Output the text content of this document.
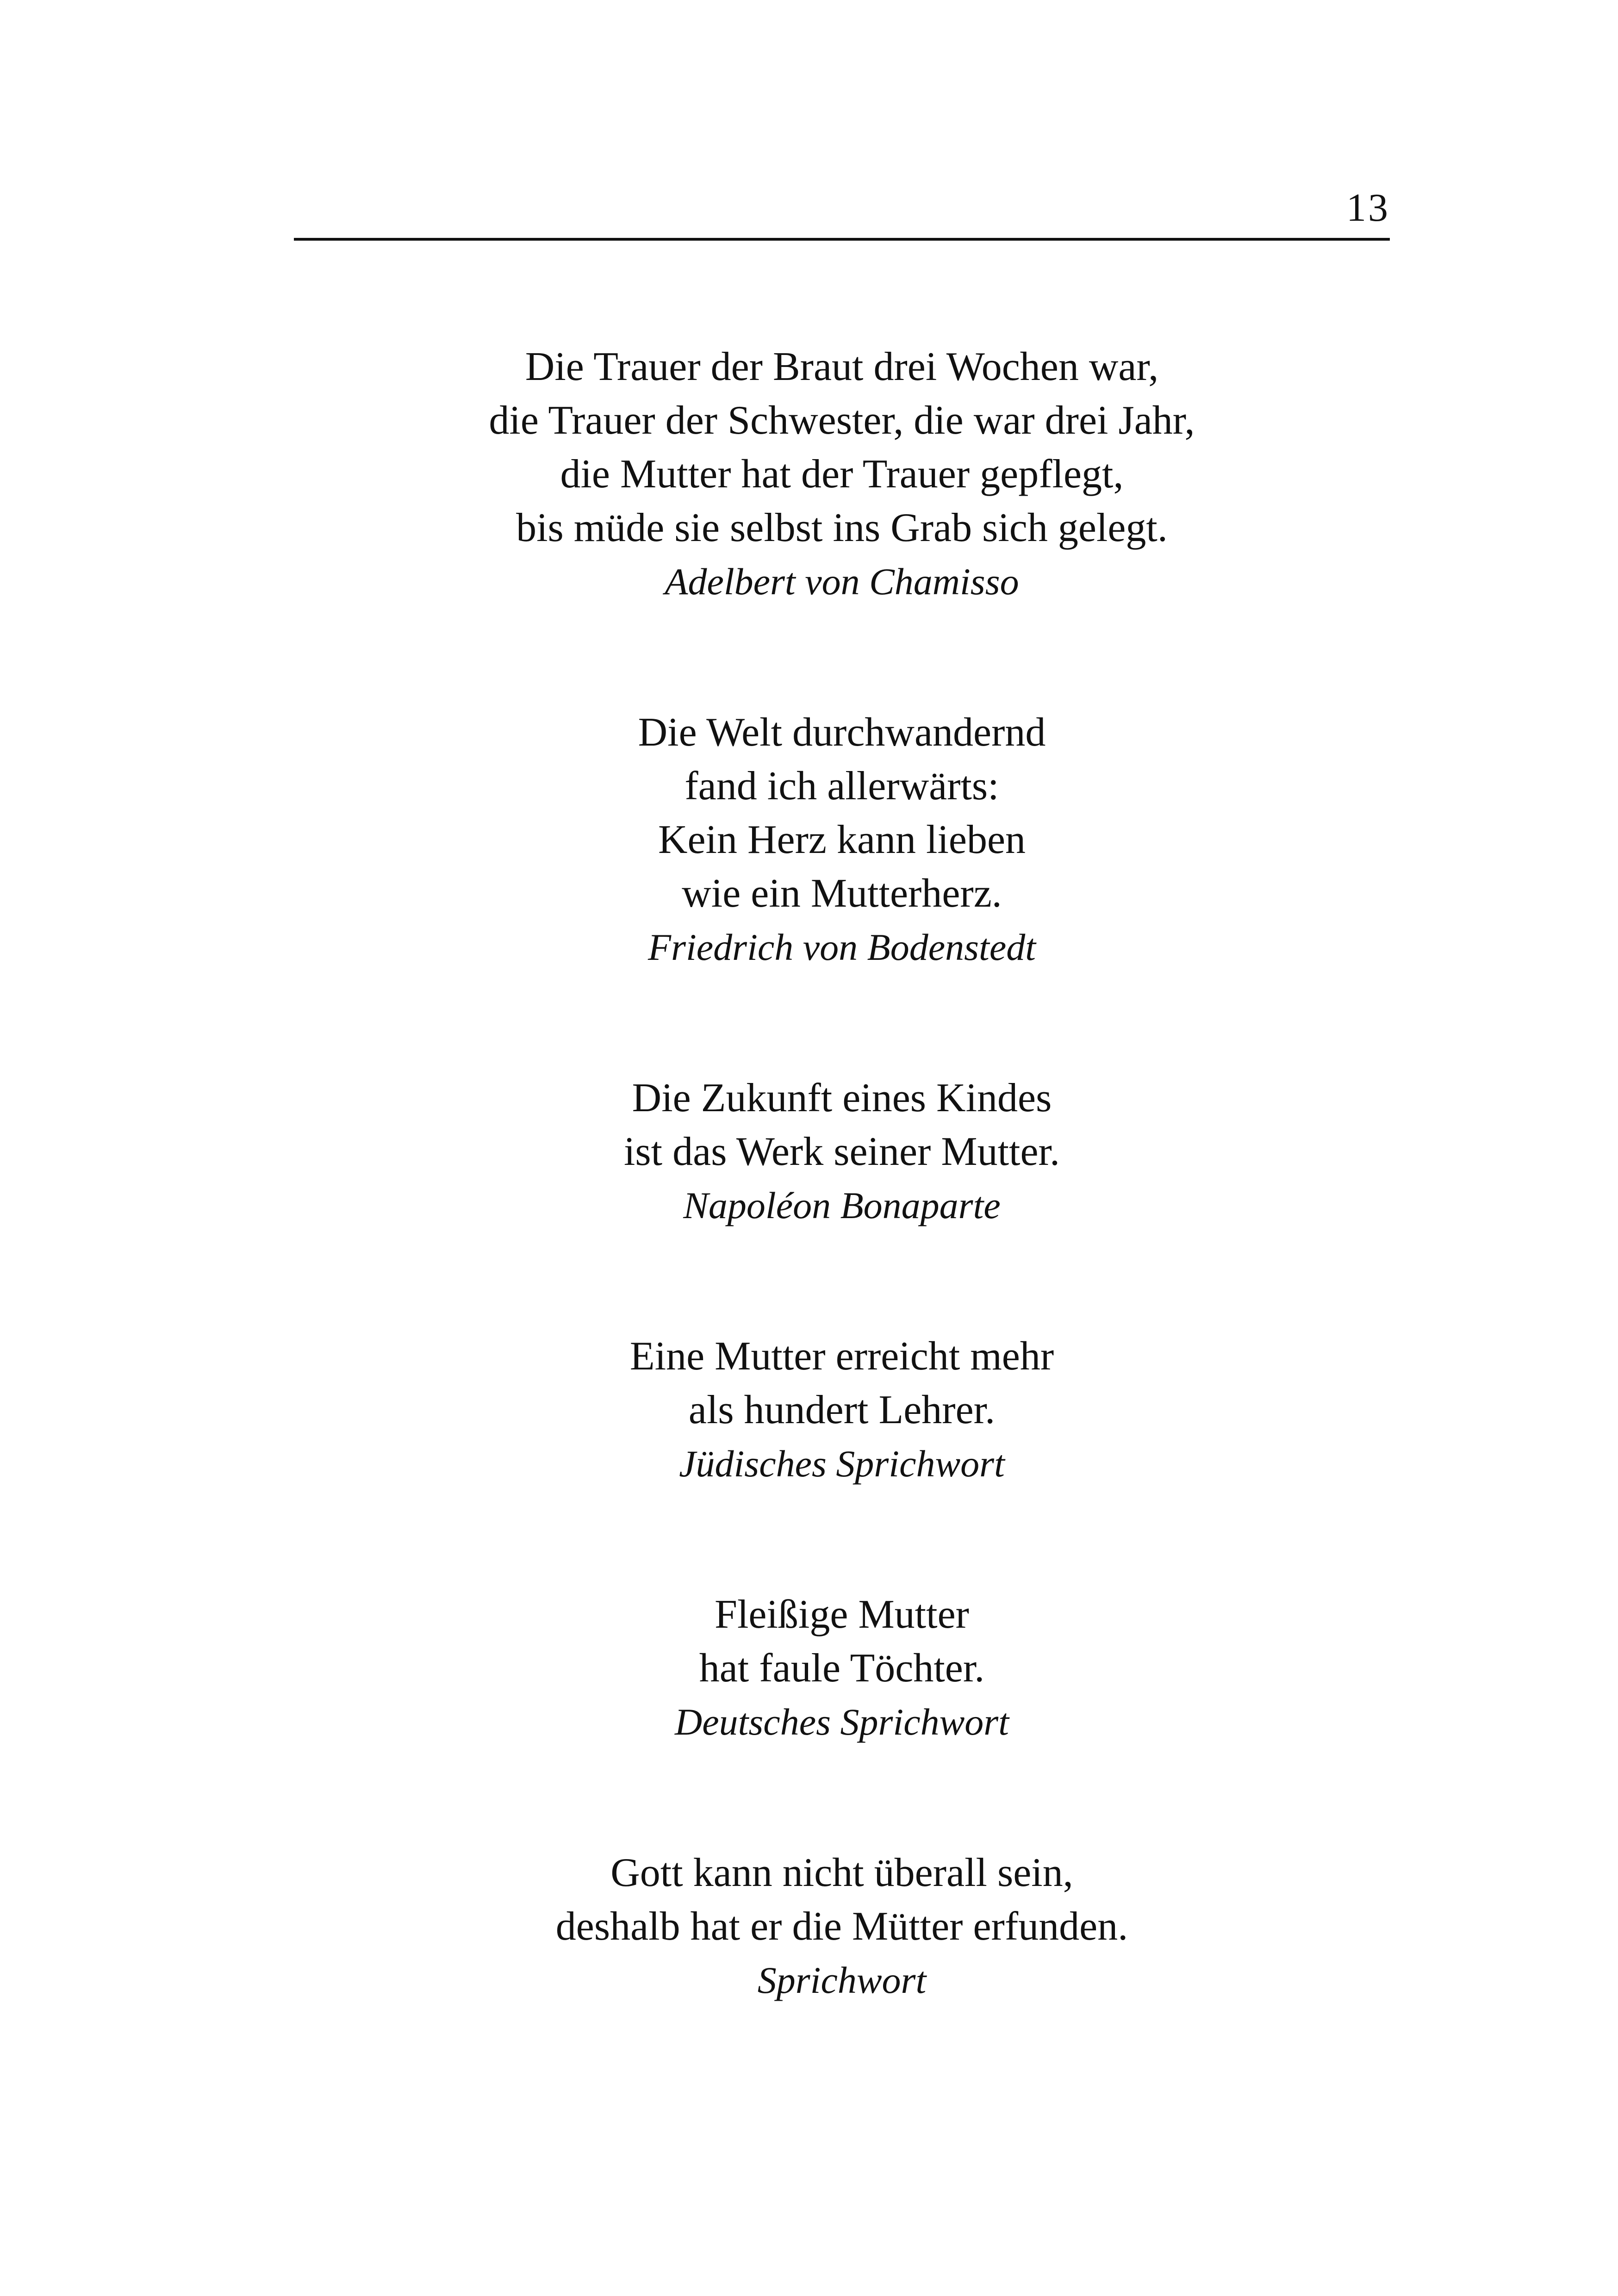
13
Die Trauer der Braut drei Wochen war,
die Trauer der Schwester, die war drei Jahr,
die Mutter hat der Trauer gepflegt,
bis müde sie selbst ins Grab sich gelegt.
Adelbert von Chamisso
Die Welt durchwandernd
fand ich allerwärts:
Kein Herz kann lieben
wie ein Mutterherz.
Friedrich von Bodenstedt
Die Zukunft eines Kindes
ist das Werk seiner Mutter.
Napoléon Bonaparte
Eine Mutter erreicht mehr
als hundert Lehrer.
Jüdisches Sprichwort
Fleißige Mutter
hat faule Töchter.
Deutsches Sprichwort
Gott kann nicht überall sein,
deshalb hat er die Mütter erfunden.
Sprichwort
